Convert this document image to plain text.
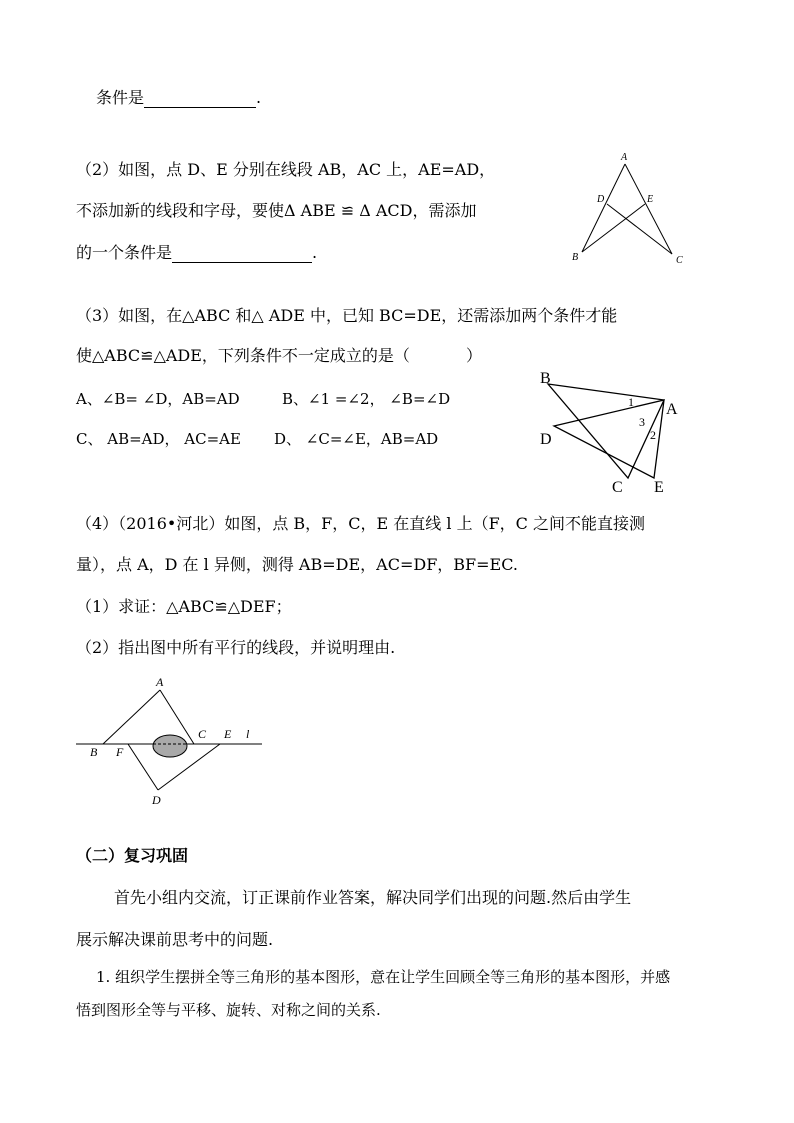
条件是	.
（2）如图，点 D、E 分别在线段 AB，AC 上，AE=AD，
不添加新的线段和字母，要使Δ ABE ≌ Δ ACD，需添加
的一个条件是	.
A
D	E
B	C
（3）如图，在△ABC 和△ ADE 中，已知 BC=DE，还需添加两个条件才能
使△ABC≌△ADE，下列条件不一定成立的是（	）
A、∠B= ∠D，AB=AD	B、∠1 =∠2， ∠B=∠D
C、 AB=AD， AC=AE D、 ∠C=∠E，AB=AD
B
A
D
C E
1
3
2
（4）（2016•河北）如图，点 B，F，C，E 在直线 l 上（F，C 之间不能直接测
量），点 A，D 在 l 异侧，测得 AB=DE，AC=DF，BF=EC.
（1）求证：△ABC≌△DEF；
（2）指出图中所有平行的线段，并说明理由.
A
C E l
B F
D
（二）复习巩固
首先小组内交流，订正课前作业答案，解决同学们出现的问题.然后由学生
展示解决课前思考中的问题.
1. 组织学生摆拼全等三角形的基本图形，意在让学生回顾全等三角形的基本图形，并感
悟到图形全等与平移、旋转、对称之间的关系.
